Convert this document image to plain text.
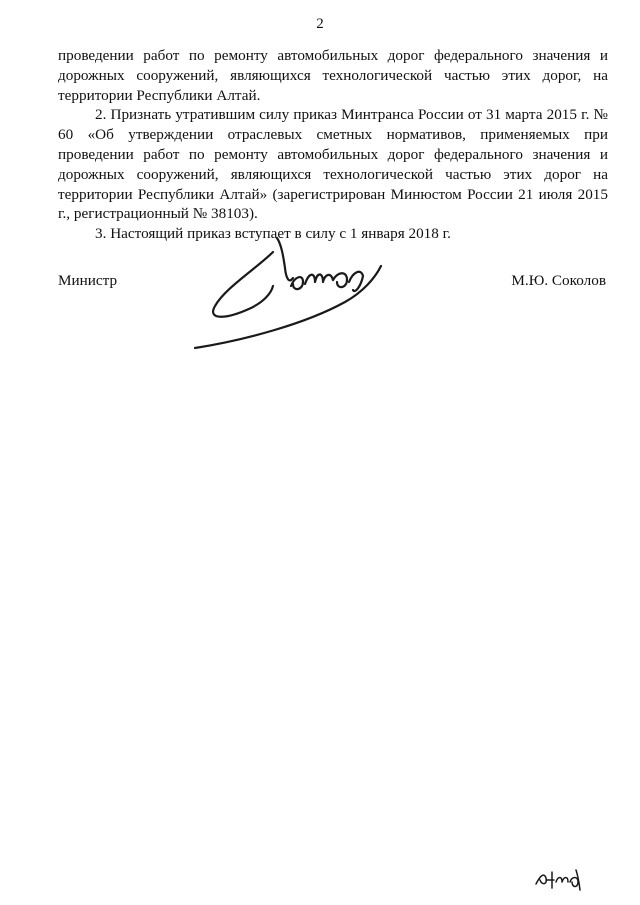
2

проведении работ по ремонту автомобильных дорог федерального значения и дорожных сооружений, являющихся технологической частью этих дорог, на территории Республики Алтай.

2. Признать утратившим силу приказ Минтранса России от 31 марта 2015 г. № 60 «Об утверждении отраслевых сметных нормативов, применяемых при проведении работ по ремонту автомобильных дорог федерального значения и дорожных сооружений, являющихся технологической частью этих дорог на территории Республики Алтай» (зарегистрирован Минюстом России 21 июля 2015 г., регистрационный № 38103).

3. Настоящий приказ вступает в силу с 1 января 2018 г.

Министр	М.Ю. Соколов
